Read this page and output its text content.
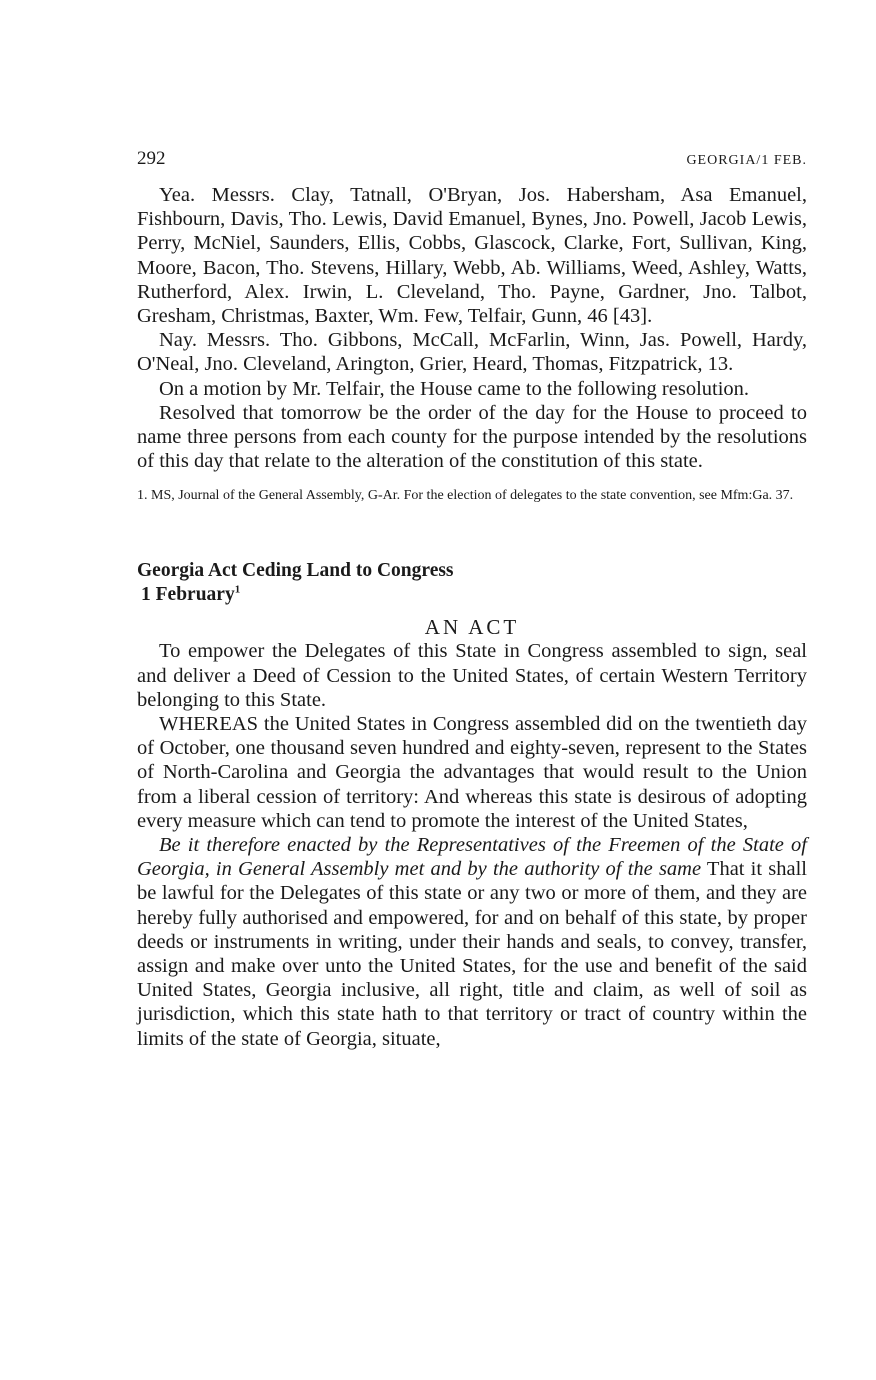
292	GEORGIA/1 FEB.

Yea. Messrs. Clay, Tatnall, O'Bryan, Jos. Habersham, Asa Emanuel, Fishbourn, Davis, Tho. Lewis, David Emanuel, Bynes, Jno. Powell, Jacob Lewis, Perry, McNiel, Saunders, Ellis, Cobbs, Glascock, Clarke, Fort, Sullivan, King, Moore, Bacon, Tho. Stevens, Hillary, Webb, Ab. Williams, Weed, Ashley, Watts, Rutherford, Alex. Irwin, L. Cleveland, Tho. Payne, Gardner, Jno. Talbot, Gresham, Christmas, Baxter, Wm. Few, Telfair, Gunn, 46 [43].

Nay. Messrs. Tho. Gibbons, McCall, McFarlin, Winn, Jas. Powell, Hardy, O'Neal, Jno. Cleveland, Arington, Grier, Heard, Thomas, Fitzpatrick, 13.

On a motion by Mr. Telfair, the House came to the following resolution.

Resolved that tomorrow be the order of the day for the House to proceed to name three persons from each county for the purpose intended by the resolutions of this day that relate to the alteration of the constitution of this state.

1. MS, Journal of the General Assembly, G-Ar. For the election of delegates to the state convention, see Mfm:Ga. 37.
Georgia Act Ceding Land to Congress
1 February$^1$
AN ACT

To empower the Delegates of this State in Congress assembled to sign, seal and deliver a Deed of Cession to the United States, of certain Western Territory belonging to this State.

WHEREAS the United States in Congress assembled did on the twentieth day of October, one thousand seven hundred and eighty-seven, represent to the States of North-Carolina and Georgia the advantages that would result to the Union from a liberal cession of territory: And whereas this state is desirous of adopting every measure which can tend to promote the interest of the United States,

Be it therefore enacted by the Representatives of the Freemen of the State of Georgia, in General Assembly met and by the authority of the same That it shall be lawful for the Delegates of this state or any two or more of them, and they are hereby fully authorised and empowered, for and on behalf of this state, by proper deeds or instruments in writing, under their hands and seals, to convey, transfer, assign and make over unto the United States, for the use and benefit of the said United States, Georgia inclusive, all right, title and claim, as well of soil as jurisdiction, which this state hath to that territory or tract of country within the limits of the state of Georgia, situate,
